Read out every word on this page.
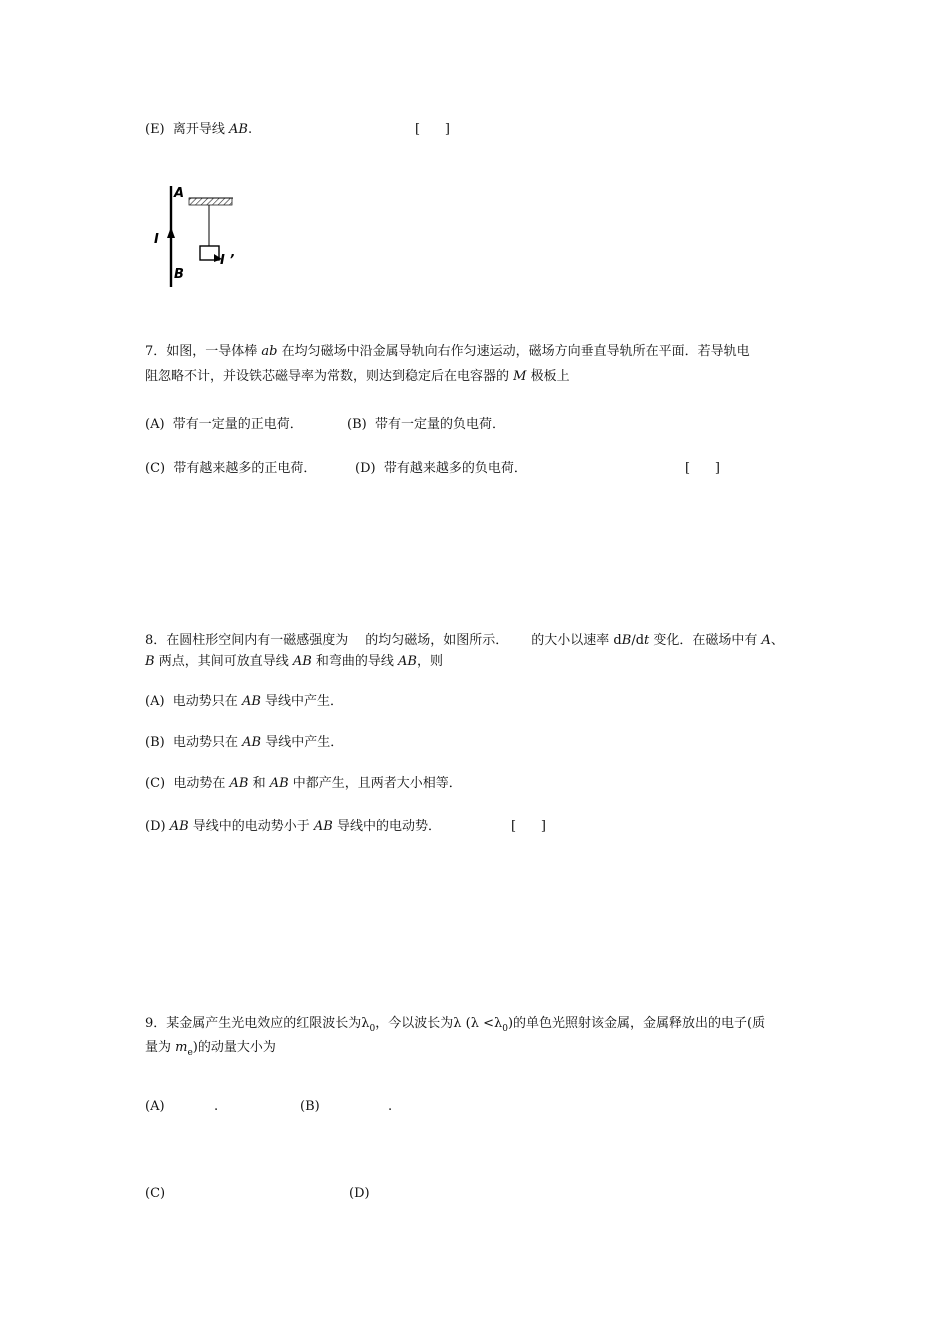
(E)  离开导线 AB.	[      ]
A
B
I
I ’
7．如图，一导体棒 ab 在均匀磁场中沿金属导轨向右作匀速运动，磁场方向垂直导轨所在平面．若导轨电
阻忽略不计，并设铁芯磁导率为常数，则达到稳定后在电容器的 M 极板上
(A)  带有一定量的正电荷．	(B)  带有一定量的负电荷．
(C)  带有越来越多的正电荷．	(D)  带有越来越多的负电荷．	[      ]
8．在圆柱形空间内有一磁感强度为 的均匀磁场，如图所示． 的大小以速率 dB/dt 变化．在磁场中有 A、
B 两点，其间可放直导线 AB 和弯曲的导线 AB，则
(A)  电动势只在 AB 导线中产生．
(B)  电动势只在 AB 导线中产生．
(C)  电动势在 AB 和 AB 中都产生，且两者大小相等．
(D) AB 导线中的电动势小于 AB 导线中的电动势．	[      ]
9．某金属产生光电效应的红限波长为$\lambda_0$，今以波长为λ $(\lambda <\lambda_0)$的单色光照射该金属，金属释放出的电子(质
量为 $m_e$)的动量大小为
(A)	.	(B)	.
(C)	(D)
